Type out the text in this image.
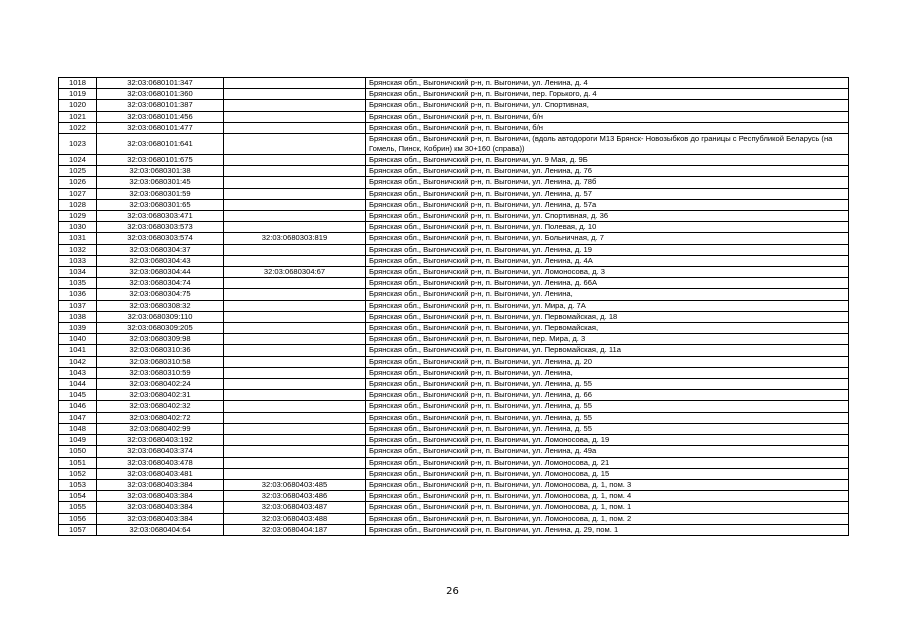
1018	32:03:0680101:347		Брянская обл., Выгоничский р-н, п. Выгоничи, ул. Ленина, д. 4
1019	32:03:0680101:360		Брянская обл., Выгоничский р-н, п. Выгоничи, пер. Горького, д. 4
1020	32:03:0680101:387		Брянская обл., Выгоничский р-н, п. Выгоничи, ул. Спортивная,
1021	32:03:0680101:456		Брянская обл., Выгоничский р-н, п. Выгоничи, б/н
1022	32:03:0680101:477		Брянская обл., Выгоничский р-н, п. Выгоничи, б/н
1023	32:03:0680101:641		Брянская обл., Выгоничский р-н, п. Выгоничи, (вдоль автодороги М13 Брянск- Новозыбков до границы с Республикой Беларусь (на Гомель, Пинск, Кобрин) км 30+160 (справа))
1024	32:03:0680101:675		Брянская обл., Выгоничский р-н, п. Выгоничи, ул. 9 Мая, д. 9Б
1025	32:03:0680301:38		Брянская обл., Выгоничский р-н, п. Выгоничи, ул. Ленина, д. 76
1026	32:03:0680301:45		Брянская обл., Выгоничский р-н, п. Выгоничи, ул. Ленина, д. 78б
1027	32:03:0680301:59		Брянская обл., Выгоничский р-н, п. Выгоничи, ул. Ленина, д. 57
1028	32:03:0680301:65		Брянская обл., Выгоничский р-н, п. Выгоничи, ул. Ленина, д. 57а
1029	32:03:0680303:471		Брянская обл., Выгоничский р-н, п. Выгоничи, ул. Спортивная, д. 36
1030	32:03:0680303:573		Брянская обл., Выгоничский р-н, п. Выгоничи, ул. Полевая, д. 10
1031	32:03:0680303:574	32:03:0680303:819	Брянская обл., Выгоничский р-н, п. Выгоничи, ул. Больничная, д. 7
1032	32:03:0680304:37		Брянская обл., Выгоничский р-н, п. Выгоничи, ул. Ленина, д. 19
1033	32:03:0680304:43		Брянская обл., Выгоничский р-н, п. Выгоничи, ул. Ленина, д. 4А
1034	32:03:0680304:44	32:03:0680304:67	Брянская обл., Выгоничский р-н, п. Выгоничи, ул. Ломоносова, д. 3
1035	32:03:0680304:74		Брянская обл., Выгоничский р-н, п. Выгоничи, ул. Ленина, д. 66А
1036	32:03:0680304:75		Брянская обл., Выгоничский р-н, п. Выгоничи, ул. Ленина,
1037	32:03:0680308:32		Брянская обл., Выгоничский р-н, п. Выгоничи, ул. Мира, д. 7А
1038	32:03:0680309:110		Брянская обл., Выгоничский р-н, п. Выгоничи, ул. Первомайская, д. 18
1039	32:03:0680309:205		Брянская обл., Выгоничский р-н, п. Выгоничи, ул. Первомайская,
1040	32:03:0680309:98		Брянская обл., Выгоничский р-н, п. Выгоничи, пер. Мира, д. 3
1041	32:03:0680310:36		Брянская обл., Выгоничский р-н, п. Выгоничи, ул. Первомайская, д. 11а
1042	32:03:0680310:58		Брянская обл., Выгоничский р-н, п. Выгоничи, ул. Ленина, д. 20
1043	32:03:0680310:59		Брянская обл., Выгоничский р-н, п. Выгоничи, ул. Ленина,
1044	32:03:0680402:24		Брянская обл., Выгоничский р-н, п. Выгоничи, ул. Ленина, д. 55
1045	32:03:0680402:31		Брянская обл., Выгоничский р-н, п. Выгоничи, ул. Ленина, д. 66
1046	32:03:0680402:32		Брянская обл., Выгоничский р-н, п. Выгоничи, ул. Ленина, д. 55
1047	32:03:0680402:72		Брянская обл., Выгоничский р-н, п. Выгоничи, ул. Ленина, д. 55
1048	32:03:0680402:99		Брянская обл., Выгоничский р-н, п. Выгоничи, ул. Ленина, д. 55
1049	32:03:0680403:192		Брянская обл., Выгоничский р-н, п. Выгоничи, ул. Ломоносова, д. 19
1050	32:03:0680403:374		Брянская обл., Выгоничский р-н, п. Выгоничи, ул. Ленина, д. 49а
1051	32:03:0680403:478		Брянская обл., Выгоничский р-н, п. Выгоничи, ул. Ломоносова, д. 21
1052	32:03:0680403:481		Брянская обл., Выгоничский р-н, п. Выгоничи, ул. Ломоносова, д. 15
1053	32:03:0680403:384	32:03:0680403:485	Брянская обл., Выгоничский р-н, п. Выгоничи, ул. Ломоносова, д. 1, пом. 3
1054	32:03:0680403:384	32:03:0680403:486	Брянская обл., Выгоничский р-н, п. Выгоничи, ул. Ломоносова, д. 1, пом. 4
1055	32:03:0680403:384	32:03:0680403:487	Брянская обл., Выгоничский р-н, п. Выгоничи, ул. Ломоносова, д. 1, пом. 1
1056	32:03:0680403:384	32:03:0680403:488	Брянская обл., Выгоничский р-н, п. Выгоничи, ул. Ломоносова, д. 1, пом. 2
1057	32:03:0680404:64	32:03:0680404:187	Брянская обл., Выгоничский р-н, п. Выгоничи, ул. Ленина, д. 29, пом. 1
26
